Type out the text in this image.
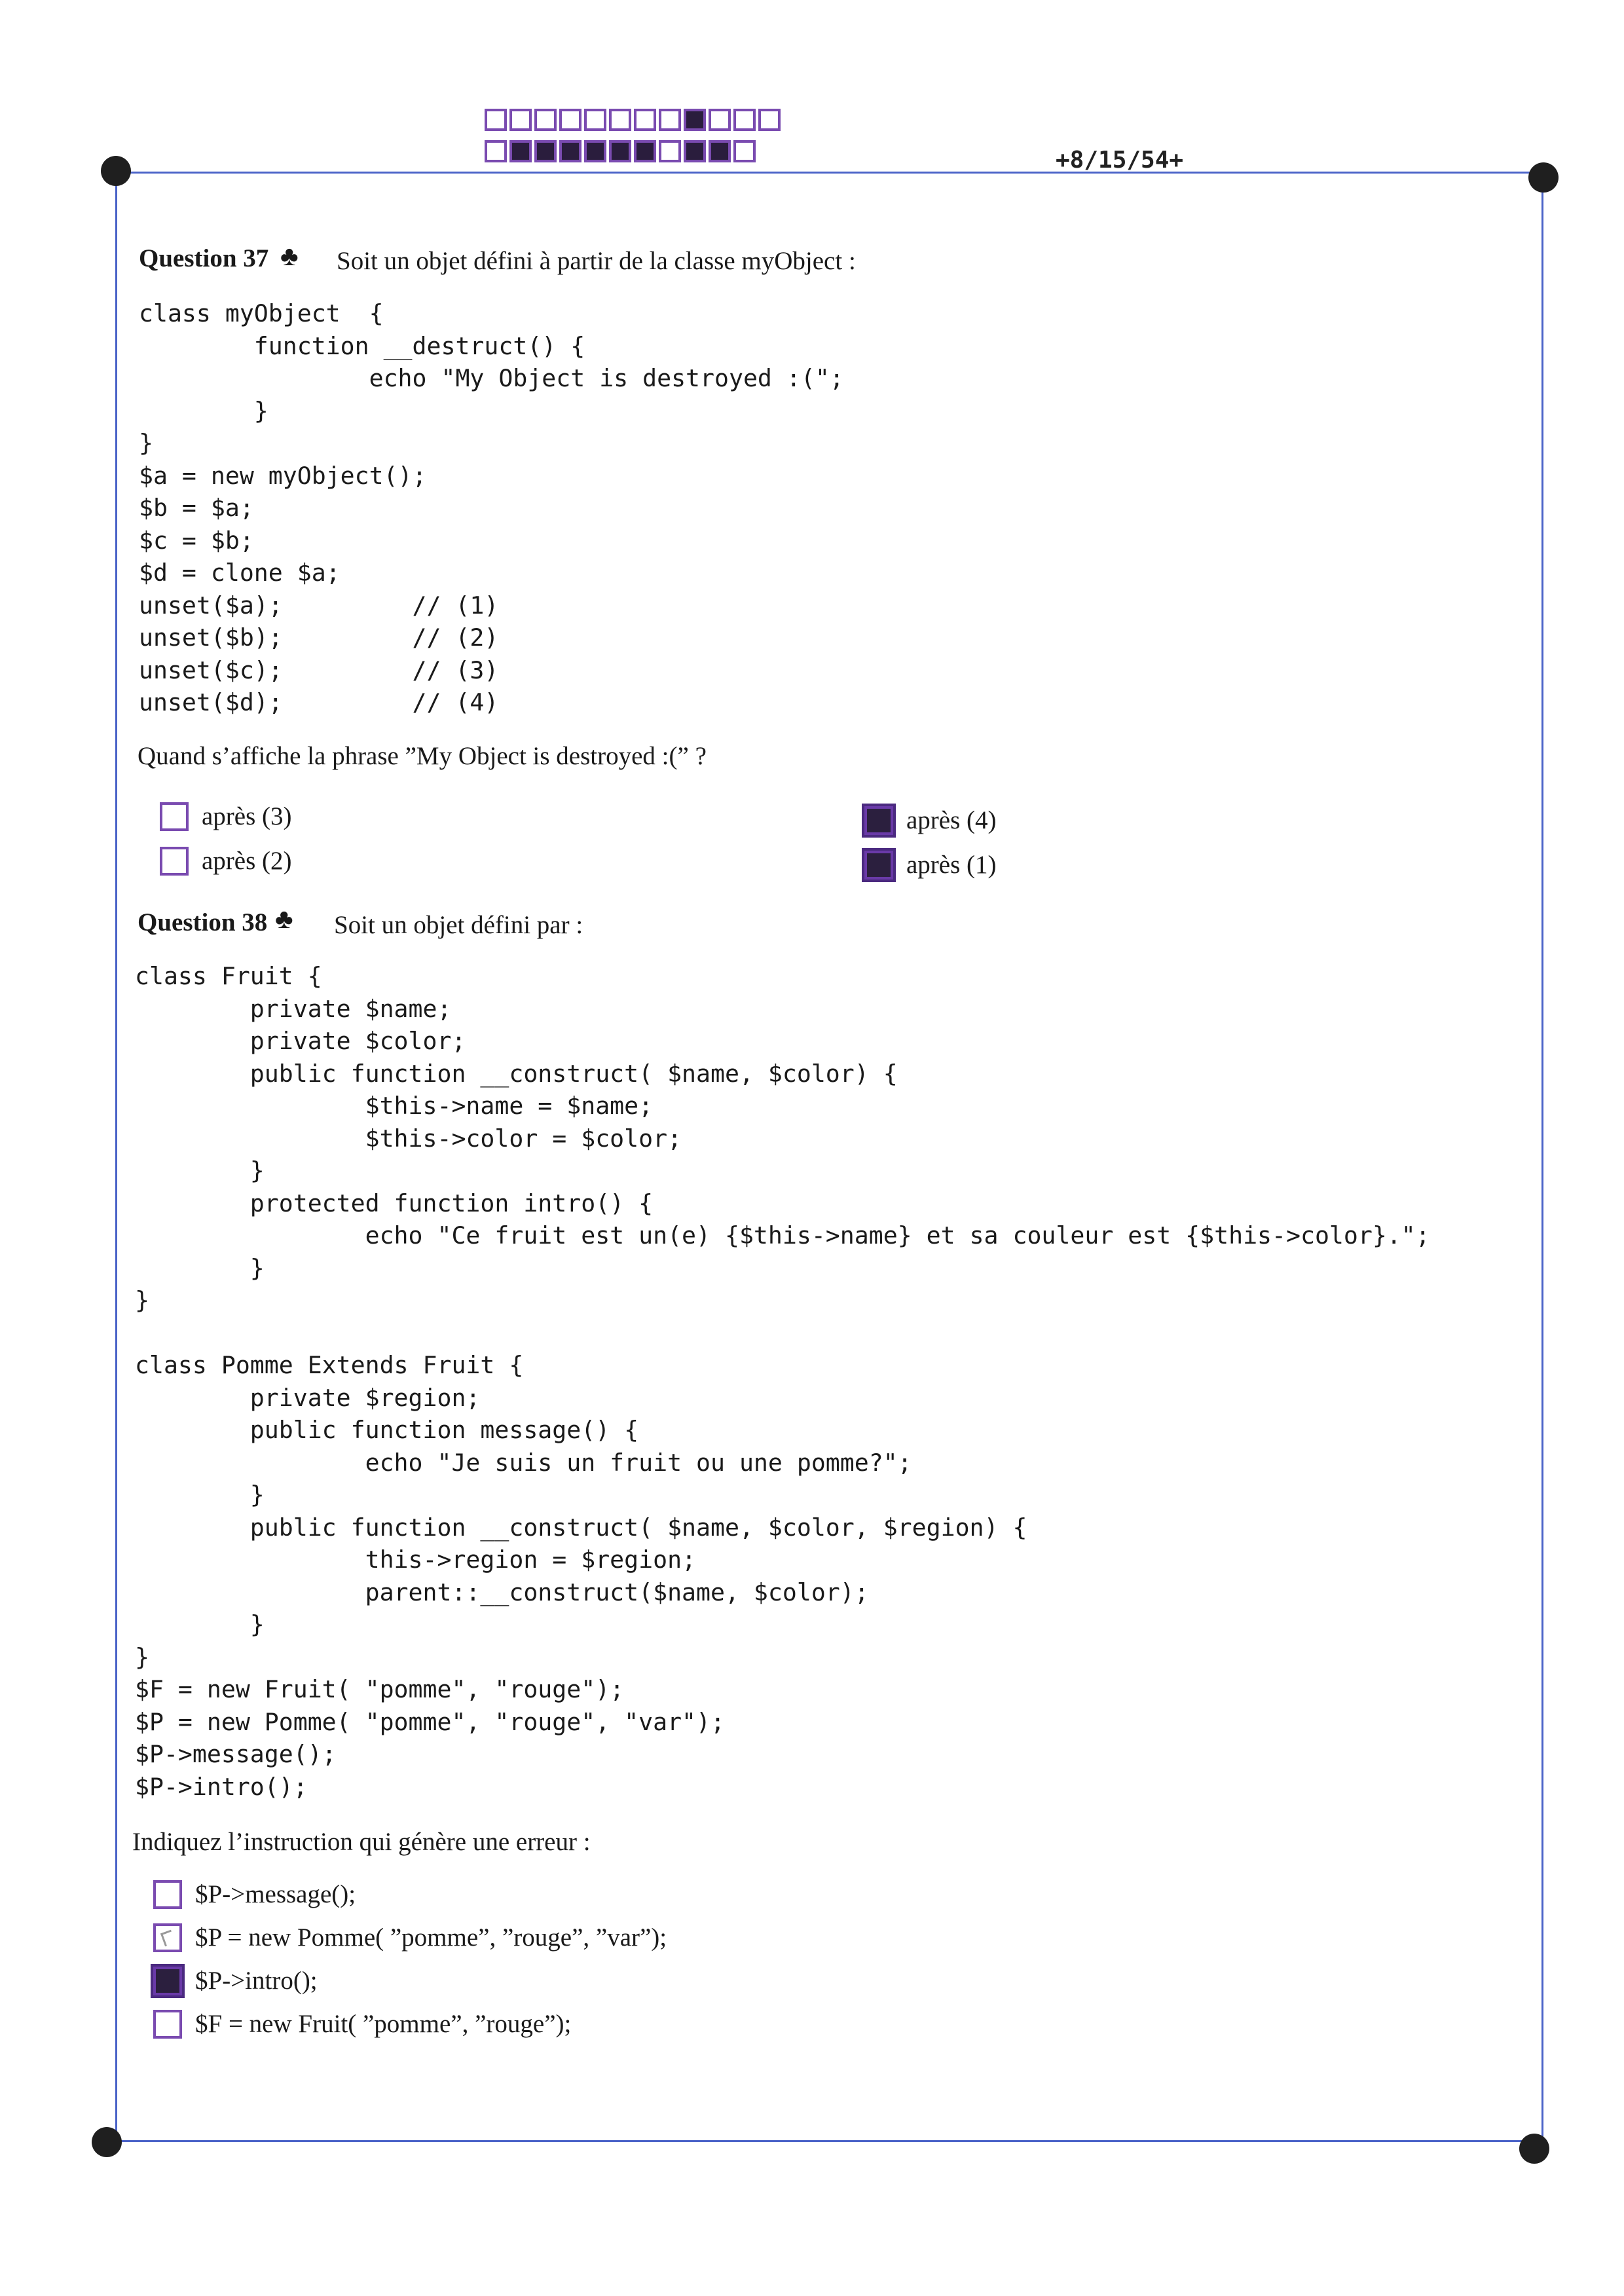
+8/15/54+
Question 37 ♣ Soit un objet défini à partir de la classe myObject :
class myObject  {
function __destruct() {
echo "My Object is destroyed :(";
}
}
$a = new myObject();
$b = $a;
$c = $b;
$d = clone $a;
unset($a);         // (1)
unset($b);         // (2)
unset($c);         // (3)
unset($d);         // (4)
Quand s’affiche la phrase ”My Object is destroyed :(” ?
après (3)
après (2)
après (4)
après (1)
Question 38 ♣ Soit un objet défini par :
class Fruit {
private $name;
private $color;
public function __construct( $name, $color) {
$this->name = $name;
$this->color = $color;
}
protected function intro() {
echo "Ce fruit est un(e) {$this->name} et sa couleur est {$this->color}.";
}
}

class Pomme Extends Fruit {
private $region;
public function message() {
echo "Je suis un fruit ou une pomme?";
}
public function __construct( $name, $color, $region) {
this->region = $region;
parent::__construct($name, $color);
}
}
$F = new Fruit( "pomme", "rouge");
$P = new Pomme( "pomme", "rouge", "var");
$P->message();
$P->intro();
Indiquez l’instruction qui génère une erreur :
$P->message();
$P = new Pomme( ”pomme”, ”rouge”, ”var”);
$P->intro();
$F = new Fruit( ”pomme”, ”rouge”);
